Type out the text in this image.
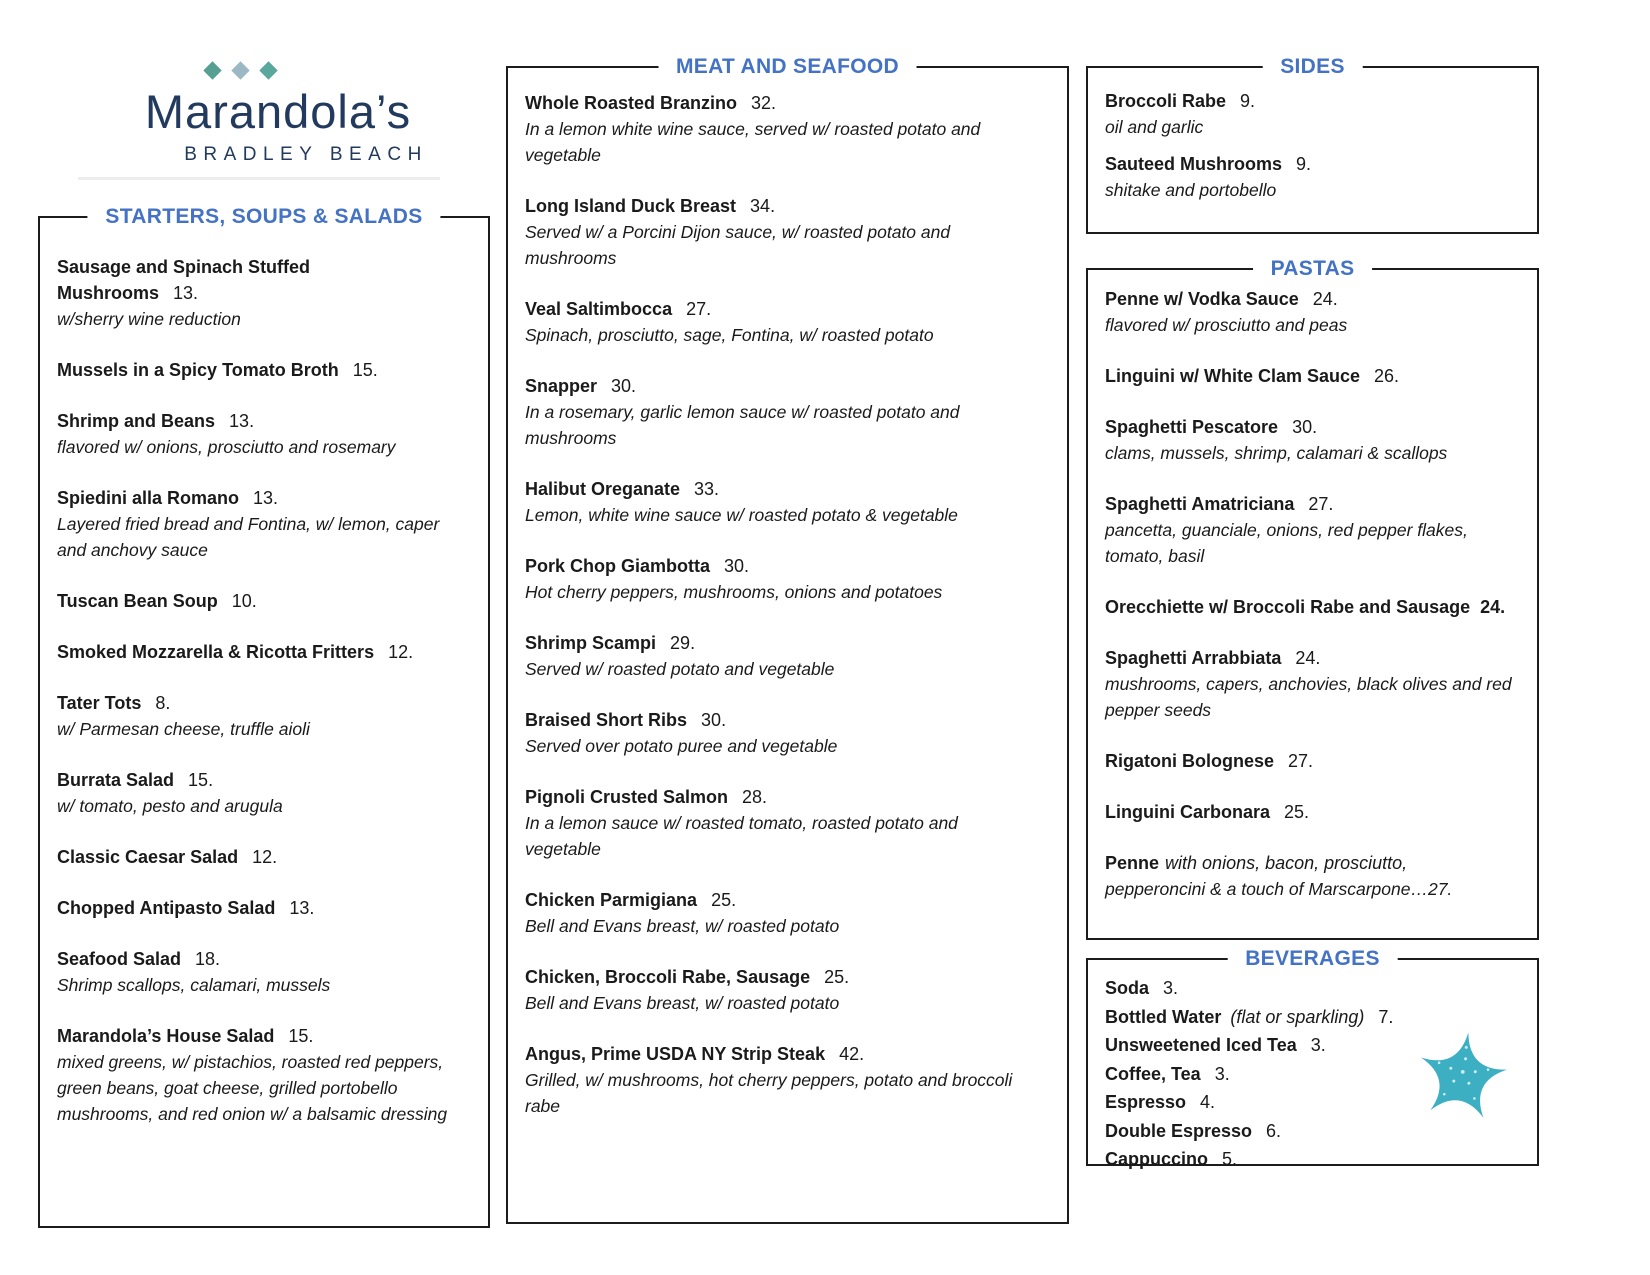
Marandola’s
BRADLEY BEACH
STARTERS, SOUPS & SALADS
Sausage and Spinach Stuffed Mushrooms 13.
w/sherry wine reduction
Mussels in a Spicy Tomato Broth 15.
Shrimp and Beans 13.
flavored w/ onions, prosciutto and rosemary
Spiedini alla Romano 13.
Layered fried bread and Fontina, w/ lemon, caper and anchovy sauce
Tuscan Bean Soup 10.
Smoked Mozzarella & Ricotta Fritters 12.
Tater Tots 8.
w/ Parmesan cheese, truffle aioli
Burrata Salad 15.
w/ tomato, pesto and arugula
Classic Caesar Salad 12.
Chopped Antipasto Salad 13.
Seafood Salad 18.
Shrimp scallops, calamari, mussels
Marandola’s House Salad 15.
mixed greens, w/ pistachios, roasted red peppers, green beans, goat cheese, grilled portobello mushrooms, and red onion w/ a balsamic dressing
MEAT AND SEAFOOD
Whole Roasted Branzino 32.
In a lemon white wine sauce, served w/ roasted potato and vegetable
Long Island Duck Breast 34.
Served w/ a Porcini Dijon sauce, w/ roasted potato and mushrooms
Veal Saltimbocca 27.
Spinach, prosciutto, sage, Fontina, w/ roasted potato
Snapper 30.
In a rosemary, garlic lemon sauce w/ roasted potato and mushrooms
Halibut Oreganate 33.
Lemon, white wine sauce w/ roasted potato & vegetable
Pork Chop Giambotta 30.
Hot cherry peppers, mushrooms, onions and potatoes
Shrimp Scampi 29.
Served w/ roasted potato and vegetable
Braised Short Ribs 30.
Served over potato puree and vegetable
Pignoli Crusted Salmon 28.
In a lemon sauce w/ roasted tomato, roasted potato and vegetable
Chicken Parmigiana 25.
Bell and Evans breast, w/ roasted potato
Chicken, Broccoli Rabe, Sausage 25.
Bell and Evans breast, w/ roasted potato
Angus, Prime USDA NY Strip Steak 42.
Grilled, w/ mushrooms, hot cherry peppers, potato and broccoli rabe
SIDES
Broccoli Rabe 9.
oil and garlic
Sauteed Mushrooms 9.
shitake and portobello
PASTAS
Penne w/ Vodka Sauce 24.
flavored w/ prosciutto and peas
Linguini w/ White Clam Sauce 26.
Spaghetti Pescatore 30.
clams, mussels, shrimp, calamari & scallops
Spaghetti Amatriciana 27.
pancetta, guanciale, onions, red pepper flakes, tomato, basil
Orecchiette w/ Broccoli Rabe and Sausage 24.
Spaghetti Arrabbiata 24.
mushrooms, capers, anchovies, black olives and red pepper seeds
Rigatoni Bolognese 27.
Linguini Carbonara 25.
Penne with onions, bacon, prosciutto,
pepperoncini & a touch of Marscarpone…27.
BEVERAGES
Soda 3.
Bottled Water (flat or sparkling) 7.
Unsweetened Iced Tea 3.
Coffee, Tea 3.
Espresso 4.
Double Espresso 6.
Cappuccino 5.
